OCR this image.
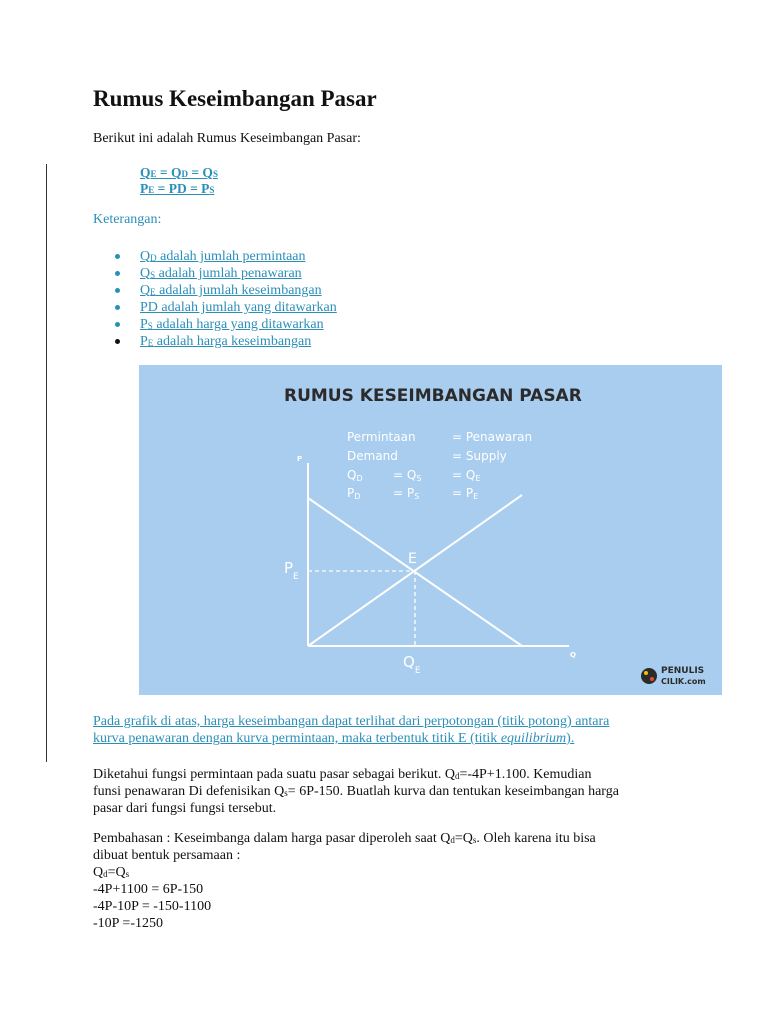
Rumus Keseimbangan Pasar

Berikut ini adalah Rumus Keseimbangan Pasar:

QE = QD = QS
PE = PD = PS
Keterangan:
$Q_D$ adalah jumlah permintaan
$Q_S$ adalah jumlah penawaran
$Q_E$ adalah jumlah keseimbangan
PD adalah jumlah yang ditawarkan
$P_S$ adalah harga yang ditawarkan
$P_E$ adalah harga keseimbangan
RUMUS KESEIMBANGAN PASAR
Permintaan	= Penawaran
Demand	= Supply
QD	= QS	= QE
PD	= PS	= PE
P
Q
E
$P_E$
$Q_E$	PENULIS
CILIK.com

Pada grafik di atas, harga keseimbangan dapat terlihat dari perpotongan (titik potong) antara

kurva penawaran dengan kurva permintaan, maka terbentuk titik E (titik equilibrium).

Diketahui fungsi permintaan pada suatu pasar sebagai berikut. $Q_d=-4P+1.100$. Kemudian

funsi penawaran Di defenisikan $Q_s= 6P-150$. Buatlah kurva dan tentukan keseimbangan harga

pasar dari fungsi fungsi tersebut.

Pembahasan : Keseimbanga dalam harga pasar diperoleh saat $Q_d=Q_s$. Oleh karena itu bisa

dibuat bentuk persamaan :

$Q_d=Q_s$

-4P+1100 = 6P-150

-4P-10P = -150-1100

-10P =-1250
